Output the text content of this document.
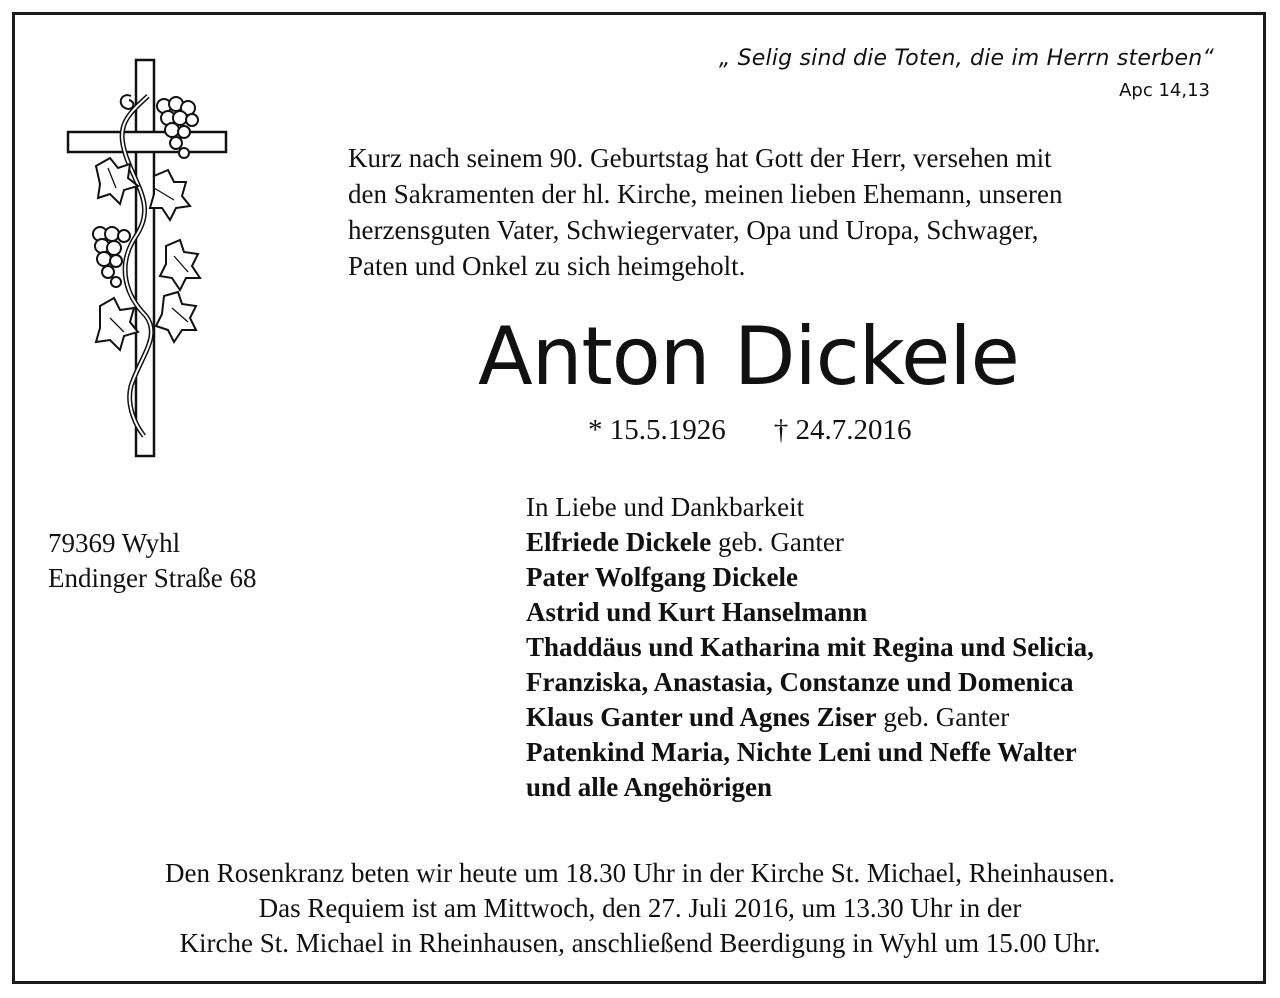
„ Selig sind die Toten, die im Herrn sterben“
Apc 14,13
Kurz nach seinem 90. Geburtstag hat Gott der Herr, versehen mit
den Sakramenten der hl. Kirche, meinen lieben Ehemann, unseren
herzensguten Vater, Schwiegervater, Opa und Uropa, Schwager,
Paten und Onkel zu sich heimgeholt.
Anton Dickele
* 15.5.1926 † 24.7.2016
79369 Wyhl
Endinger Straße 68
In Liebe und Dankbarkeit
Elfriede Dickele geb. Ganter
Pater Wolfgang Dickele
Astrid und Kurt Hanselmann
Thaddäus und Katharina mit Regina und Selicia,
Franziska, Anastasia, Constanze und Domenica
Klaus Ganter und Agnes Ziser geb. Ganter
Patenkind Maria, Nichte Leni und Neffe Walter
und alle Angehörigen
Den Rosenkranz beten wir heute um 18.30 Uhr in der Kirche St. Michael, Rheinhausen.
Das Requiem ist am Mittwoch, den 27. Juli 2016, um 13.30 Uhr in der
Kirche St. Michael in Rheinhausen, anschließend Beerdigung in Wyhl um 15.00 Uhr.
